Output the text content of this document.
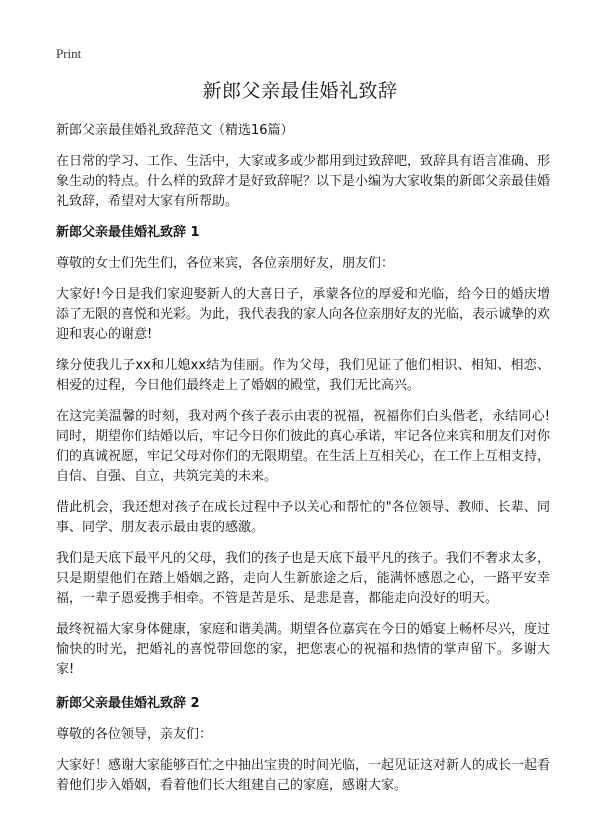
Print
新郎父亲最佳婚礼致辞

新郎父亲最佳婚礼致辞范文（精选16篇）

在日常的学习、工作、生活中，大家或多或少都用到过致辞吧，致辞具有语言准确、形象生动的特点。什么样的致辞才是好致辞呢？以下是小编为大家收集的新郎父亲最佳婚礼致辞，希望对大家有所帮助。

新郎父亲最佳婚礼致辞 1

尊敬的女士们先生们，各位来宾，各位亲朋好友，朋友们：

大家好!今日是我们家迎娶新人的大喜日子，承蒙各位的厚爱和光临，给今日的婚庆增添了无限的喜悦和光彩。为此，我代表我的家人向各位亲朋好友的光临，表示诚挚的欢迎和衷心的谢意!

缘分使我儿子xx和儿媳xx结为佳丽。作为父母，我们见证了他们相识、相知、相恋、相爱的过程，今日他们最终走上了婚姻的殿堂，我们无比高兴。

在这完美温馨的时刻，我对两个孩子表示由衷的祝福，祝福你们白头偕老，永结同心!同时，期望你们结婚以后，牢记今日你们彼此的真心承诺，牢记各位来宾和朋友们对你们的真诚祝愿，牢记父母对你们的无限期望。在生活上互相关心，在工作上互相支持，自信、自强、自立，共筑完美的未来。

借此机会，我还想对孩子在成长过程中予以关心和帮忙的"各位领导、教师、长辈、同事、同学、朋友表示最由衷的感激。

我们是天底下最平凡的父母，我们的孩子也是天底下最平凡的孩子。我们不奢求太多，只是期望他们在踏上婚姻之路，走向人生新旅途之后，能满怀感恩之心，一路平安幸福，一辈子恩爱携手相牵。不管是苦是乐、是悲是喜，都能走向没好的明天。

最终祝福大家身体健康，家庭和谐美满。期望各位嘉宾在今日的婚宴上畅杯尽兴，度过愉快的时光，把婚礼的喜悦带回您的家，把您衷心的祝福和热情的掌声留下。多谢大家!

新郎父亲最佳婚礼致辞 2

尊敬的各位领导，亲友们：

大家好！感谢大家能够百忙之中抽出宝贵的时间光临，一起见证这对新人的成长一起看着他们步入婚姻，看着他们长大组建自己的家庭，感谢大家。
